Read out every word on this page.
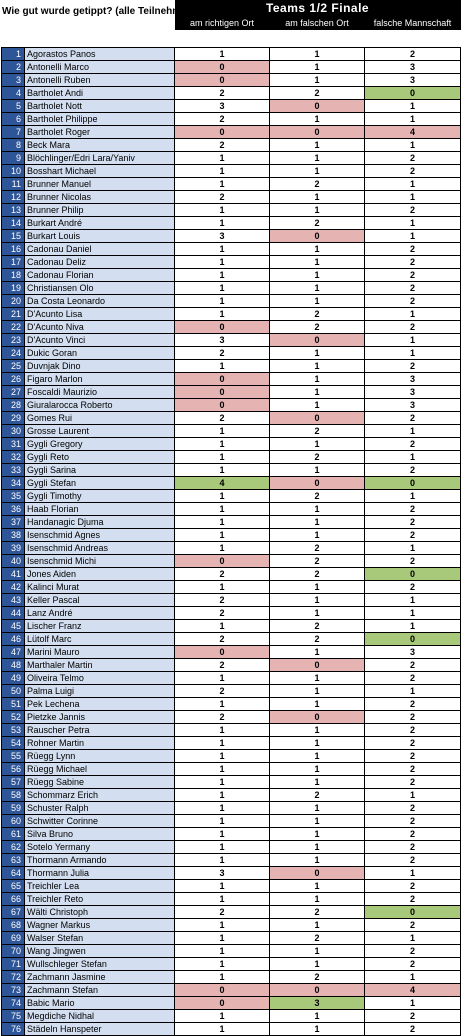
		Teams 1/2 Finale		
		am richtigen Ort	am falschen Ort	falsche Mannschaft

1	Agorastos Panos	1	1	2
2	Antonelli Marco	0	1	3
3	Antonelli Ruben	0	1	3
4	Bartholet Andi	2	2	0
5	Bartholet Nott	3	0	1
6	Bartholet Philippe	2	1	1
7	Bartholet Roger	0	0	4
8	Beck Mara	2	1	1
9	Blöchlinger/Edri Lara/Yaniv	1	1	2
10	Bosshart Michael	1	1	2
11	Brunner Manuel	1	2	1
12	Brunner Nicolas	2	1	1
13	Brunner Philip	1	1	2
14	Burkart André	1	2	1
15	Burkart Louis	3	0	1
16	Cadonau Daniel	1	1	2
17	Cadonau Deliz	1	1	2
18	Cadonau Florian	1	1	2
19	Christiansen Olo	1	1	2
20	Da Costa Leonardo	1	1	2
21	D'Acunto Lisa	1	2	1
22	D'Acunto Niva	0	2	2
23	D'Acunto Vinci	3	0	1
24	Dukic Goran	2	1	1
25	Duvnjak Dino	1	1	2
26	Figaro Marlon	0	1	3
27	Foscaldi Maurizio	0	1	3
28	Giuralarocca Roberto	0	1	3
29	Gomes Rui	2	0	2
30	Grosse Laurent	1	2	1
31	Gygli Gregory	1	1	2
32	Gygli Reto	1	2	1
33	Gygli Sarina	1	1	2
34	Gygli Stefan	4	0	0
35	Gygli Timothy	1	2	1
36	Haab Florian	1	1	2
37	Handanagic Djuma	1	1	2
38	Isenschmid Agnes	1	1	2
39	Isenschmid Andreas	1	2	1
40	Isenschmid Michi	0	2	2
41	Jones Aiden	2	2	0
42	Kalinci Murat	1	1	2
43	Keller Pascal	2	1	1
44	Lanz André	2	1	1
45	Lischer Franz	1	2	1
46	Lütolf Marc	2	2	0
47	Marini Mauro	0	1	3
48	Marthaler Martin	2	0	2
49	Oliveira Telmo	1	1	2
50	Palma Luigi	2	1	1
51	Pek Lechena	1	1	2
52	Pietzke Jannis	2	0	2
53	Rauscher Petra	1	1	2
54	Rohner Martin	1	1	2
55	Rüegg Lynn	1	1	2
56	Rüegg Michael	1	1	2
57	Rüegg Sabine	1	1	2
58	Schommarz Erich	1	2	1
59	Schuster Ralph	1	1	2
60	Schwitter Corinne	1	1	2
61	Silva Bruno	1	1	2
62	Sotelo Yermany	1	1	2
63	Thormann Armando	1	1	2
64	Thormann Julia	3	0	1
65	Treichler Lea	1	1	2
66	Treichler Reto	1	1	2
67	Wälti Christoph	2	2	0
68	Wagner Markus	1	1	2
69	Walser Stefan	1	2	1
70	Wang Jingwen	1	1	2
71	Wullschleger Stefan	1	1	2
72	Zachmann Jasmine	1	2	1
73	Zachmann Stefan	0	0	4
74	Babic Mario	0	3	1
75	Megdiche Nidhal	1	1	2
76	Städeln Hanspeter	1	1	2
Wie gut wurde getippt? (alle Teilnehmer)
